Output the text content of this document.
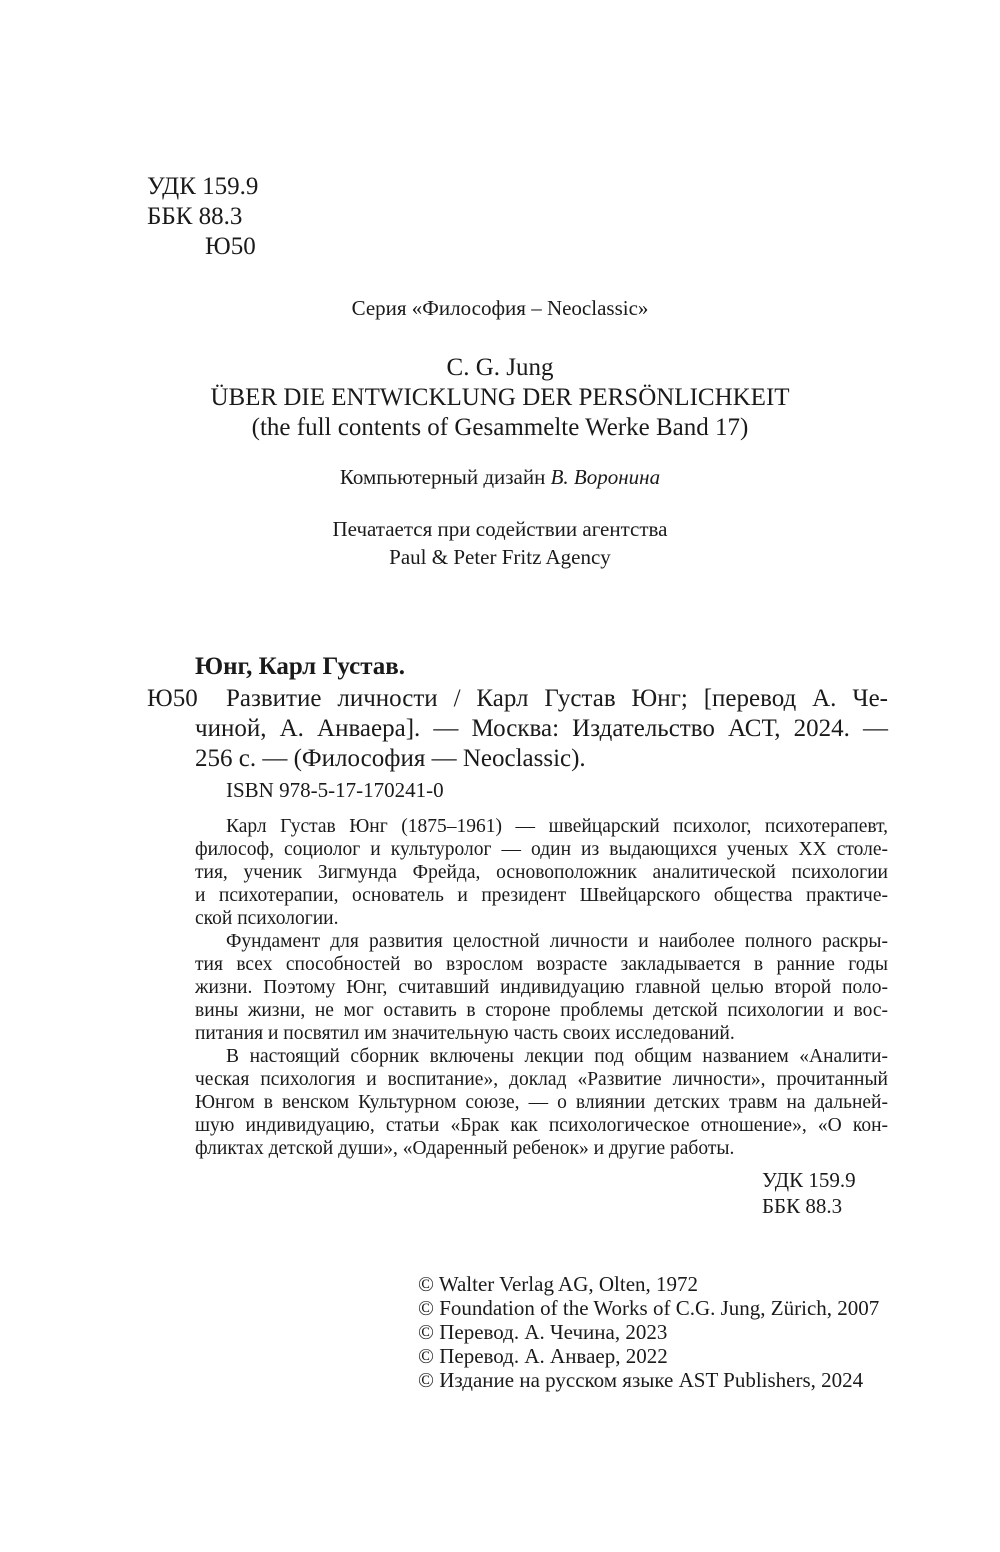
УДК 159.9
ББК 88.3
Ю50
Серия «Философия – Neoclassic»
C. G. Jung
ÜBER DIE ENTWICKLUNG DER PERSÖNLICHKEIT
(the full contents of Gesammelte Werke Band 17)
Компьютерный дизайн В. Воронина
Печатается при содействии агентства
Paul & Peter Fritz Agency
Юнг, Карл Густав.
Ю50 Развитие личности / Карл Густав Юнг; [перевод А. Че-
чиной, А. Анваера]. — Москва: Издательство АСТ, 2024. —
256 с. — (Философия — Neoclassic).
ISBN 978-5-17-170241-0
Карл Густав Юнг (1875–1961) — швейцарский психолог, психотерапевт,
философ, социолог и культуролог — один из выдающихся ученых XX столе-
тия, ученик Зигмунда Фрейда, основоположник аналитической психологии
и психотерапии, основатель и президент Швейцарского общества практиче-
ской психологии.
Фундамент для развития целостной личности и наиболее полного раскры-
тия всех способностей во взрослом возрасте закладывается в ранние годы
жизни. Поэтому Юнг, считавший индивидуацию главной целью второй поло-
вины жизни, не мог оставить в стороне проблемы детской психологии и вос-
питания и посвятил им значительную часть своих исследований.
В настоящий сборник включены лекции под общим названием «Аналити-
ческая психология и воспитание», доклад «Развитие личности», прочитанный
Юнгом в венском Культурном союзе, — о влиянии детских травм на дальней-
шую индивидуацию, статьи «Брак как психологическое отношение», «О кон-
фликтах детской души», «Одаренный ребенок» и другие работы.
УДК 159.9
ББК 88.3
© Walter Verlag AG, Olten, 1972
© Foundation of the Works of C.G. Jung, Zürich, 2007
© Перевод. А. Чечина, 2023
© Перевод. А. Анваер, 2022
© Издание на русском языке AST Publishers, 2024
